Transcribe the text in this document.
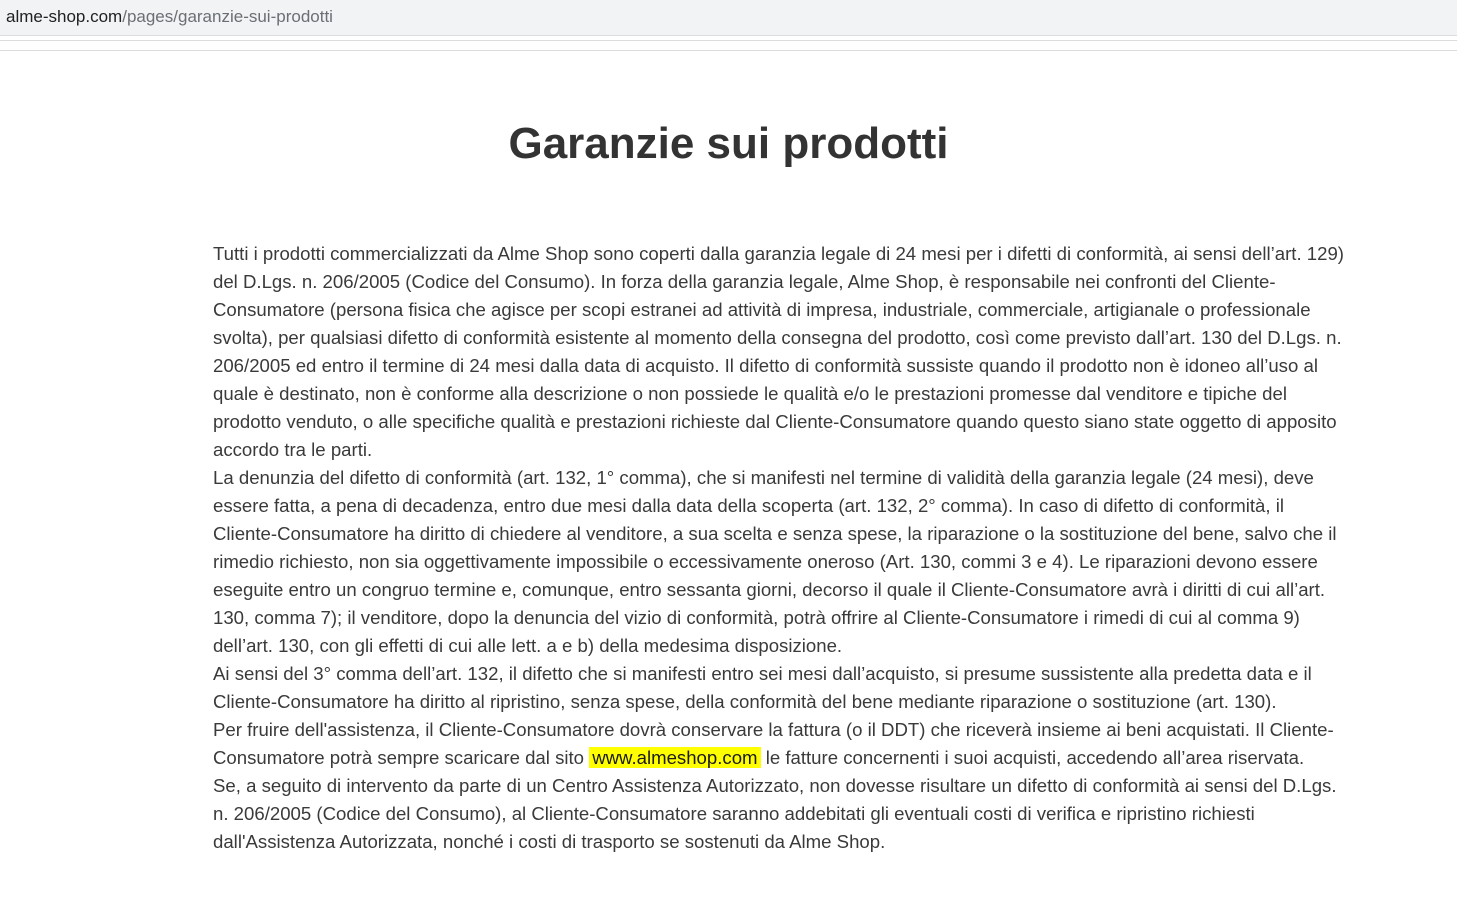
alme-shop.com/pages/garanzie-sui-prodotti
Garanzie sui prodotti

Tutti i prodotti commercializzati da Alme Shop sono coperti dalla garanzia legale di 24 mesi per i difetti di conformità, ai sensi dell’art. 129) del D.Lgs. n. 206/2005 (Codice del Consumo). In forza della garanzia legale, Alme Shop, è responsabile nei confronti del Cliente-Consumatore (persona fisica che agisce per scopi estranei ad attività di impresa, industriale, commerciale, artigianale o professionale svolta), per qualsiasi difetto di conformità esistente al momento della consegna del prodotto, così come previsto dall’art. 130 del D.Lgs. n. 206/2005 ed entro il termine di 24 mesi dalla data di acquisto. Il difetto di conformità sussiste quando il prodotto non è idoneo all’uso al quale è destinato, non è conforme alla descrizione o non possiede le qualità e/o le prestazioni promesse dal venditore e tipiche del prodotto venduto, o alle specifiche qualità e prestazioni richieste dal Cliente-Consumatore quando questo siano state oggetto di apposito accordo tra le parti.

La denunzia del difetto di conformità (art. 132, 1° comma), che si manifesti nel termine di validità della garanzia legale (24 mesi), deve essere fatta, a pena di decadenza, entro due mesi dalla data della scoperta (art. 132, 2° comma). In caso di difetto di conformità, il Cliente-Consumatore ha diritto di chiedere al venditore, a sua scelta e senza spese, la riparazione o la sostituzione del bene, salvo che il rimedio richiesto, non sia oggettivamente impossibile o eccessivamente oneroso (Art. 130, commi 3 e 4). Le riparazioni devono essere eseguite entro un congruo termine e, comunque, entro sessanta giorni, decorso il quale il Cliente-Consumatore avrà i diritti di cui all’art. 130, comma 7); il venditore, dopo la denuncia del vizio di conformità, potrà offrire al Cliente-Consumatore i rimedi di cui al comma 9) dell’art. 130, con gli effetti di cui alle lett. a e b) della medesima disposizione.

Ai sensi del 3° comma dell’art. 132, il difetto che si manifesti entro sei mesi dall’acquisto, si presume sussistente alla predetta data e il Cliente-Consumatore ha diritto al ripristino, senza spese, della conformità del bene mediante riparazione o sostituzione (art. 130).

Per fruire dell'assistenza, il Cliente-Consumatore dovrà conservare la fattura (o il DDT) che riceverà insieme ai beni acquistati. Il Cliente-Consumatore potrà sempre scaricare dal sito www.almeshop.com le fatture concernenti i suoi acquisti, accedendo all’area riservata.

Se, a seguito di intervento da parte di un Centro Assistenza Autorizzato, non dovesse risultare un difetto di conformità ai sensi del D.Lgs. n. 206/2005 (Codice del Consumo), al Cliente-Consumatore saranno addebitati gli eventuali costi di verifica e ripristino richiesti dall'Assistenza Autorizzata, nonché i costi di trasporto se sostenuti da Alme Shop.
